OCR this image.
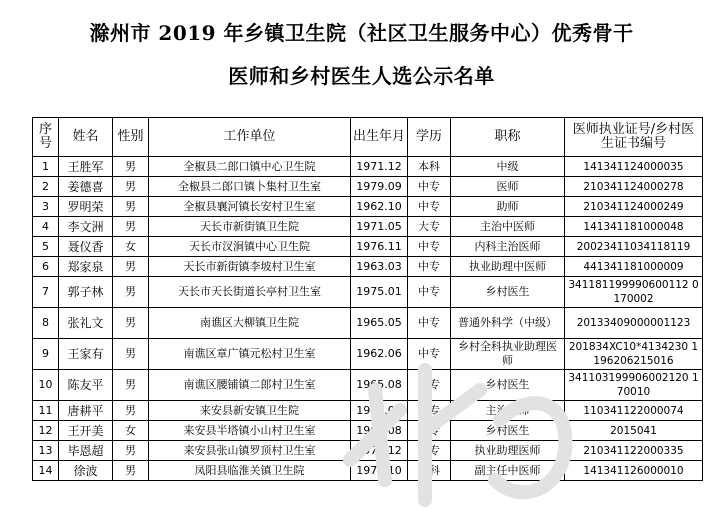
滁州市 2019 年乡镇卫生院（社区卫生服务中心）优秀骨干
医师和乡村医生人选公示名单
序号	姓名	性别	工作单位	出生年月	学历	职称	医师执业证号/乡村医生证书编号
1	王胜军	男	全椒县二郎口镇中心卫生院	1971.12	本科	中级	141341124000035
2	姜德喜	男	全椒县二郎口镇卜集村卫生室	1979.09	中专	医师	210341124000278
3	罗明荣	男	全椒县襄河镇长安村卫生室	1962.10	中专	助师	210341124000249
4	李文洲	男	天长市新街镇卫生院	1971.05	大专	主治中医师	141341181000048
5	聂仪香	女	天长市汊涧镇中心卫生院	1976.11	中专	内科主治医师	20023411034118119
6	郑家泉	男	天长市新街镇李坡村卫生室	1963.03	中专	执业助理中医师	441341181000009
7	郭子林	男	天长市天长街道长亭村卫生室	1975.01	中专	乡村医生	341181199990600112 0170002
8	张礼文	男	南谯区大柳镇卫生院	1965.05	中专	普通外科学（中级）	20133409000001123
9	王家有	男	南谯区章广镇元松村卫生室	1962.06	中专	乡村全科执业助理医师	201834XC10*4134230 1196206215016
10	陈友平	男	南谯区腰铺镇二郎村卫生室	1965.08	中专	乡村医生	341103199906002120 170010
11	唐耕平	男	来安县新安镇卫生院	1965.02	中专	主治医师	110341122000074
12	王开美	女	来安县半塔镇小山村卫生室	1969.08	中专	乡村医生	2015041
13	毕恩超	男	来安县张山镇罗顶村卫生室	1970.12	大专	执业助理医师	210341122000335
14	徐波	男	凤阳县临淮关镇卫生院	1971.10	本科	副主任中医师	141341126000010
